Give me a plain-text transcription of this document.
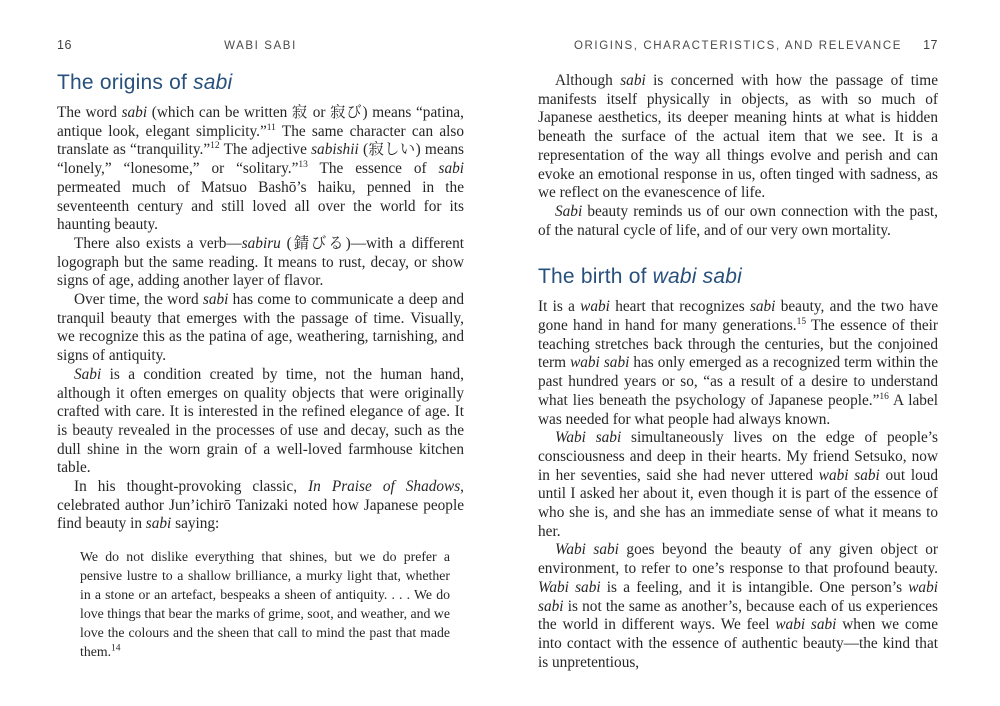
16	WABI SABI
The origins of sabi

The word sabi (which can be written 寂 or 寂び) means “patina, antique look, elegant simplicity.”$^{11}$ The same character can also translate as “tranquility.”$^{12}$ The adjective sabishii (寂しい) means “lonely,” “lonesome,” or “solitary.”$^{13}$ The essence of sabi permeated much of Matsuo Bashō’s haiku, penned in the seventeenth century and still loved all over the world for its haunting beauty.

There also exists a verb—sabiru (錆びる)—with a different logograph but the same reading. It means to rust, decay, or show signs of age, adding another layer of flavor.

Over time, the word sabi has come to communicate a deep and tranquil beauty that emerges with the passage of time. Visually, we recognize this as the patina of age, weathering, tarnishing, and signs of antiquity.

Sabi is a condition created by time, not the human hand, although it often emerges on quality objects that were originally crafted with care. It is interested in the refined elegance of age. It is beauty revealed in the processes of use and decay, such as the dull shine in the worn grain of a well-loved farmhouse kitchen table.

In his thought-provoking classic, In Praise of Shadows, celebrated author Jun’ichirō Tanizaki noted how Japanese people find beauty in sabi saying:

We do not dislike everything that shines, but we do prefer a pensive lustre to a shallow brilliance, a murky light that, whether in a stone or an artefact, bespeaks a sheen of antiquity. . . . We do love things that bear the marks of grime, soot, and weather, and we love the colours and the sheen that call to mind the past that made them.$^{14}$
ORIGINS, CHARACTERISTICS, AND RELEVANCE	17

Although sabi is concerned with how the passage of time manifests itself physically in objects, as with so much of Japanese aesthetics, its deeper meaning hints at what is hidden beneath the surface of the actual item that we see. It is a representation of the way all things evolve and perish and can evoke an emotional response in us, often tinged with sadness, as we reflect on the evanescence of life.

Sabi beauty reminds us of our own connection with the past, of the natural cycle of life, and of our very own mortality.

The birth of wabi sabi

It is a wabi heart that recognizes sabi beauty, and the two have gone hand in hand for many generations.$^{15}$ The essence of their teaching stretches back through the centuries, but the conjoined term wabi sabi has only emerged as a recognized term within the past hundred years or so, “as a result of a desire to understand what lies beneath the psychology of Japanese people.”$^{16}$ A label was needed for what people had always known.

Wabi sabi simultaneously lives on the edge of people’s consciousness and deep in their hearts. My friend Setsuko, now in her seventies, said she had never uttered wabi sabi out loud until I asked her about it, even though it is part of the essence of who she is, and she has an immediate sense of what it means to her.

Wabi sabi goes beyond the beauty of any given object or environment, to refer to one’s response to that profound beauty. Wabi sabi is a feeling, and it is intangible. One person’s wabi sabi is not the same as another’s, because each of us experiences the world in different ways. We feel wabi sabi when we come into contact with the essence of authentic beauty—the kind that is unpretentious,
